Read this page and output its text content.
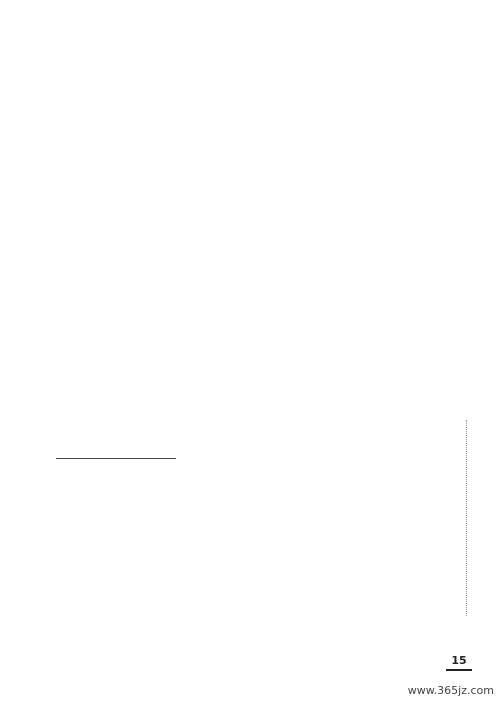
15
www.365jz.com
